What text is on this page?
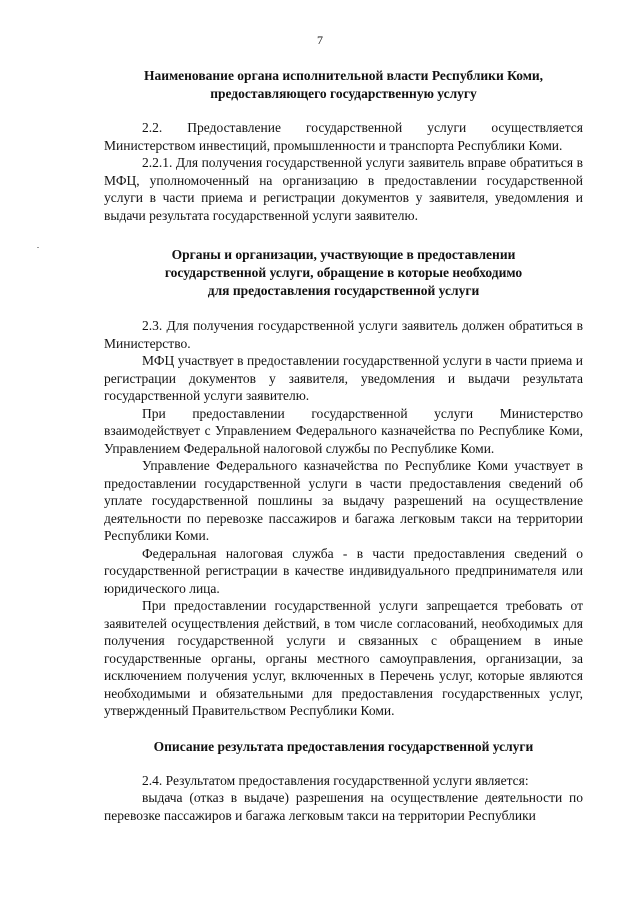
7

Наименование органа исполнительной власти Республики Коми,

предоставляющего государственную услугу

2.2. Предоставление государственной услуги осуществляется Министерством инвестиций, промышленности и транспорта Республики Коми.

2.2.1. Для получения государственной услуги заявитель вправе обратиться в МФЦ, уполномоченный на организацию в предоставлении государственной услуги в части приема и регистрации документов у заявителя, уведомления и выдачи результата государственной услуги заявителю.

Органы и организации, участвующие в предоставлении

государственной услуги, обращение в которые необходимо

для предоставления государственной услуги

2.3. Для получения государственной услуги заявитель должен обратиться в Министерство.

МФЦ участвует в предоставлении государственной услуги в части приема и регистрации документов у заявителя, уведомления и выдачи результата государственной услуги заявителю.

При предоставлении государственной услуги Министерство взаимодействует с Управлением Федерального казначейства по Республике Коми, Управлением Федеральной налоговой службы по Республике Коми.

Управление Федерального казначейства по Республике Коми участвует в предоставлении государственной услуги в части предоставления сведений об уплате государственной пошлины за выдачу разрешений на осуществление деятельности по перевозке пассажиров и багажа легковым такси на территории Республики Коми.

Федеральная налоговая служба - в части предоставления сведений о государственной регистрации в качестве индивидуального предпринимателя или юридического лица.

При предоставлении государственной услуги запрещается требовать от заявителей осуществления действий, в том числе согласований, необходимых для получения государственной услуги и связанных с обращением в иные государственные органы, органы местного самоуправления, организации, за исключением получения услуг, включенных в Перечень услуг, которые являются необходимыми и обязательными для предоставления государственных услуг, утвержденный Правительством Республики Коми.

Описание результата предоставления государственной услуги

2.4. Результатом предоставления государственной услуги является:

выдача (отказ в выдаче) разрешения на осуществление деятельности по перевозке пассажиров и багажа легковым такси на территории Республики
